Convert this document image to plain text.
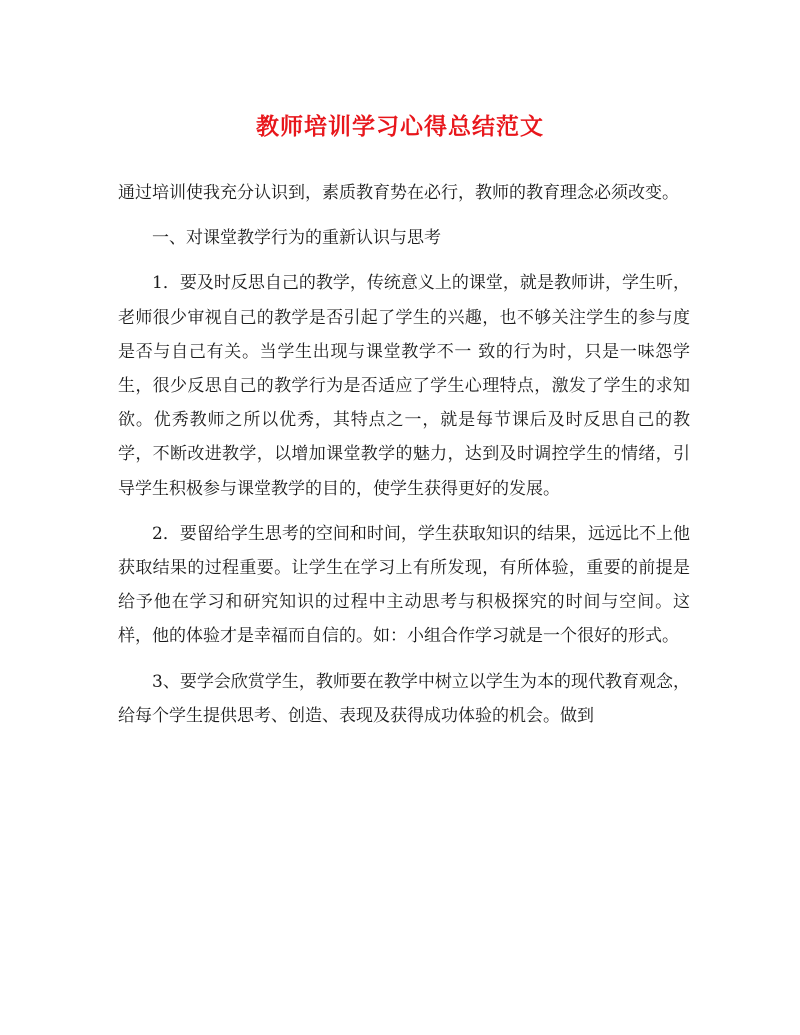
教师培训学习心得总结范文

通过培训使我充分认识到，素质教育势在必行，教师的教育理念必须改变。

一、对课堂教学行为的重新认识与思考

1．要及时反思自己的教学，传统意义上的课堂，就是教师讲，学生听，老师很少审视自己的教学是否引起了学生的兴趣，也不够关注学生的参与度是否与自己有关。当学生出现与课堂教学不一 致的行为时，只是一味怨学生，很少反思自己的教学行为是否适应了学生心理特点，激发了学生的求知欲。优秀教师之所以优秀，其特点之一，就是每节课后及时反思自己的教学，不断改进教学，以增加课堂教学的魅力，达到及时调控学生的情绪，引导学生积极参与课堂教学的目的，使学生获得更好的发展。

2．要留给学生思考的空间和时间，学生获取知识的结果，远远比不上他获取结果的过程重要。让学生在学习上有所发现，有所体验，重要的前提是给予他在学习和研究知识的过程中主动思考与积极探究的时间与空间。这样，他的体验才是幸福而自信的。如：小组合作学习就是一个很好的形式。

3、要学会欣赏学生，教师要在教学中树立以学生为本的现代教育观念，给每个学生提供思考、创造、表现及获得成功体验的机会。做到
